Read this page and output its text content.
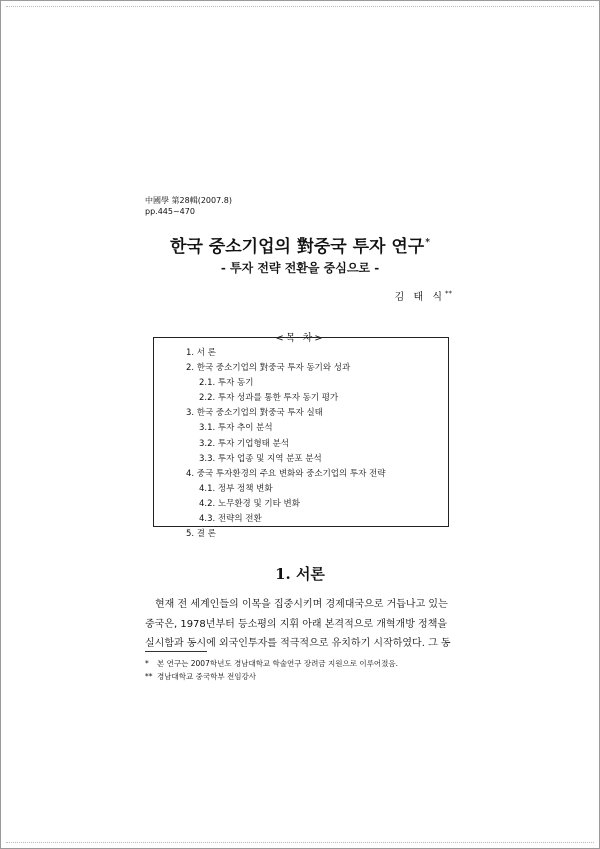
中國學 第28輯(2007.8)
pp.445~470
한국 중소기업의 對중국 투자 연구*
- 투자 전략 전환을 중심으로 -
김 태 식**
<목 차>
1. 서 론
2. 한국 중소기업의 對중국 투자 동기와 성과
2.1. 투자 동기
2.2. 투자 성과를 통한 투자 동기 평가
3. 한국 중소기업의 對중국 투자 실태
3.1. 투자 추이 분석
3.2. 투자 기업형태 분석
3.3. 투자 업종 및 지역 분포 분석
4. 중국 투자환경의 주요 변화와 중소기업의 투자 전략
4.1. 정부 정책 변화
4.2. 노무환경 및 기타 변화
4.3. 전략의 전환
5. 결 론
1. 서론
현재 전 세계인들의 이목을 집중시키며 경제대국으로 거듭나고 있는
중국은, 1978년부터 등소평의 지휘 아래 본격적으로 개혁개방 정책을
실시함과 동시에 외국인투자를 적극적으로 유치하기 시작하였다. 그 동
* 본 연구는 2007학년도 경남대학교 학술연구 장려금 지원으로 이루어졌음.
** 경남대학교 중국학부 전임강사
